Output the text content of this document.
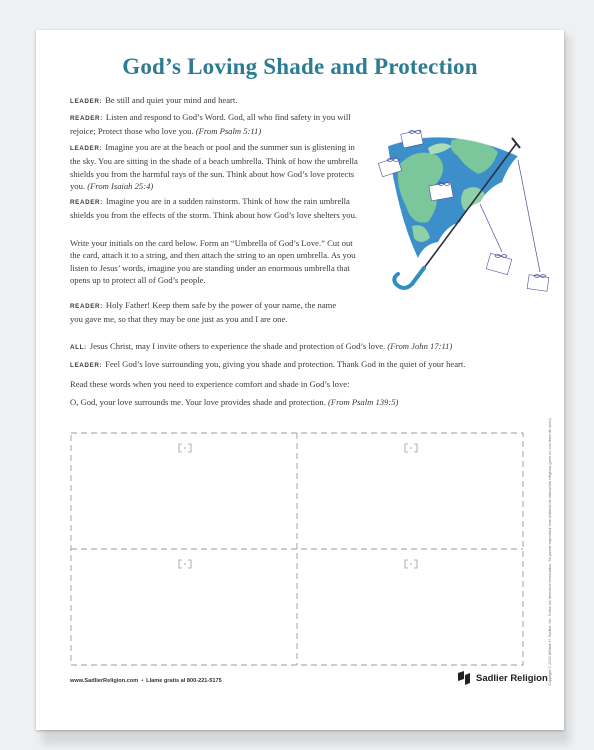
God’s Loving Shade and Protection
LEADER: Be still and quiet your mind and heart.
READER: Listen and respond to God’s Word. God, all who find safety in you will rejoice; Protect those who love you. (From Psalm 5:11)
LEADER: Imagine you are at the beach or pool and the summer sun is glistening in the sky. You are sitting in the shade of a beach umbrella. Think of how the umbrella shields you from the harmful rays of the sun. Think about how God’s love protects you. (From Isaiah 25:4)
READER: Imagine you are in a sudden rainstorm. Think of how the rain umbrella shields you from the effects of the storm. Think about how God’s love shelters you.
Write your initials on the card below. Form an “Umbrella of God’s Love.” Cut out the card, attach it to a string, and then attach the string to an open umbrella. As you listen to Jesus’ words, imagine you are standing under an enormous umbrella that opens up to protect all of God’s people.
READER: Holy Father! Keep them safe by the power of your name, the name you gave me, so that they may be one just as you and I are one.
ALL: Jesus Christ, may I invite others to experience the shade and protection of God’s love. (From John 17:11)
LEADER: Feel God’s love surrounding you, giving you shade and protection. Thank God in the quiet of your heart.
Read these words when you need to experience comfort and shade in God’s love:
O, God, your love surrounds me. Your love provides shade and protection. (From Psalm 139:5)
www.SadlierReligion.com • Llame gratis al 800-221-5175	Sadlier Religion Copyright © 2016 William H. Sadlier, Inc. Todos los derechos reservados. Se puede reproducir este material de educación religiosa (pero no con fines de lucro).
